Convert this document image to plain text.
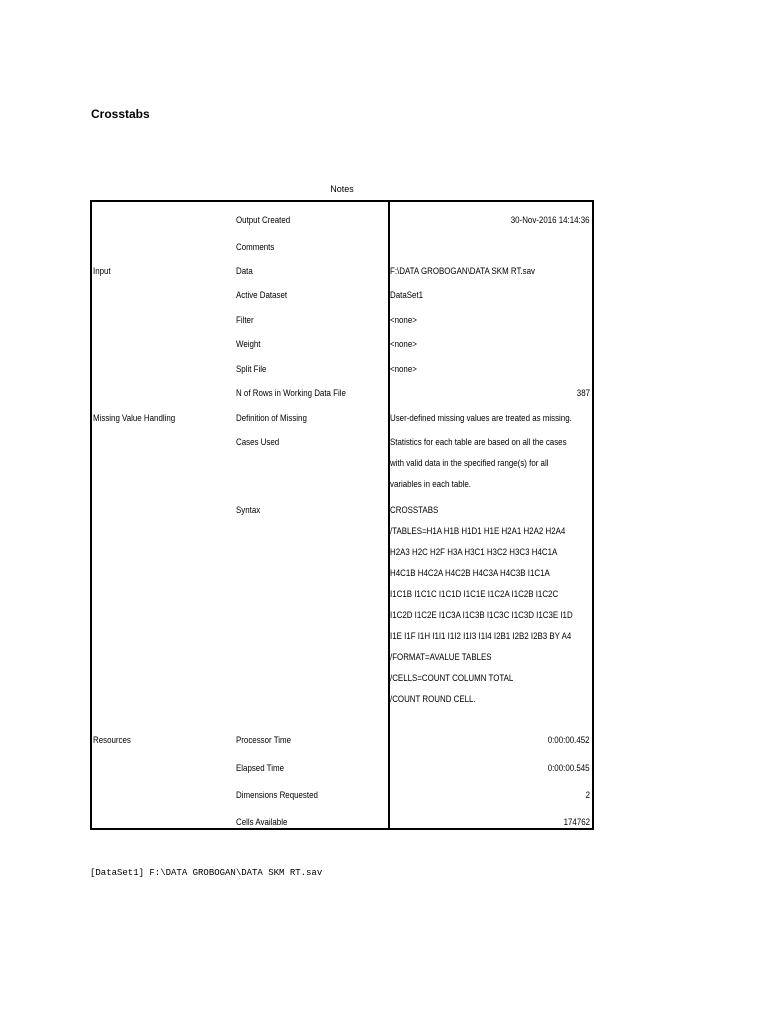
Crosstabs
Notes
Input
Missing Value Handling
Resources
Output Created
Comments
Data
Active Dataset
Filter
Weight
Split File
N of Rows in Working Data File
Definition of Missing
Cases Used
Syntax
Processor Time
Elapsed Time
Dimensions Requested
Cells Available
30-Nov-2016 14:14:36
F:\DATA GROBOGAN\DATA SKM RT.sav
DataSet1
<none>
<none>
<none>
387
User-defined missing values are treated as missing.
Statistics for each table are based on all the cases
with valid data in the specified range(s) for all
variables in each table.
CROSSTABS
/TABLES=H1A H1B H1D1 H1E H2A1 H2A2 H2A4
H2A3 H2C H2F H3A H3C1 H3C2 H3C3 H4C1A
H4C1B H4C2A H4C2B H4C3A H4C3B I1C1A
I1C1B I1C1C I1C1D I1C1E I1C2A I1C2B I1C2C
I1C2D I1C2E I1C3A I1C3B I1C3C I1C3D I1C3E I1D
I1E I1F I1H I1I1 I1I2 I1I3 I1I4 I2B1 I2B2 I2B3 BY A4
/FORMAT=AVALUE TABLES
/CELLS=COUNT COLUMN TOTAL
/COUNT ROUND CELL.
0:00:00.452
0:00:00.545
2
174762
[DataSet1] F:\DATA GROBOGAN\DATA SKM RT.sav
